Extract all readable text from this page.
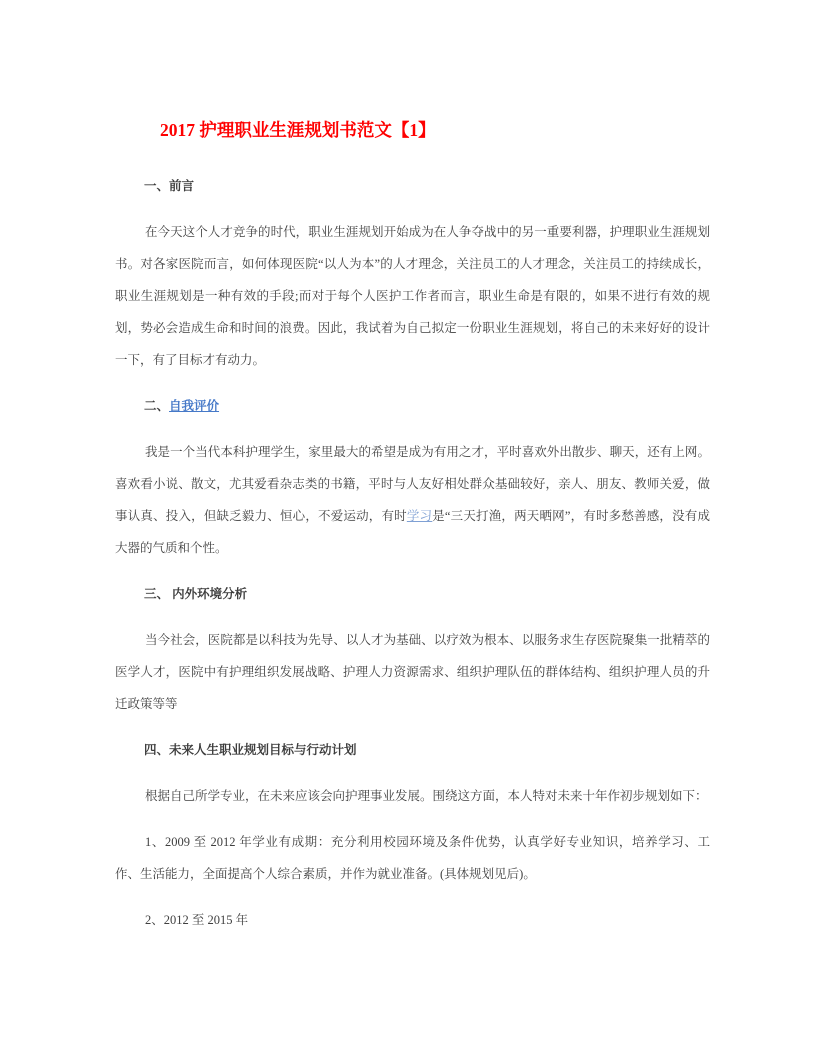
2017 护理职业生涯规划书范文【1】
一、前言

在今天这个人才竞争的时代，职业生涯规划开始成为在人争夺战中的另一重要利器，护理职业生涯规划书。对各家医院而言，如何体现医院“以人为本”的人才理念，关注员工的人才理念，关注员工的持续成长，职业生涯规划是一种有效的手段;而对于每个人医护工作者而言，职业生命是有限的，如果不进行有效的规划，势必会造成生命和时间的浪费。因此，我试着为自己拟定一份职业生涯规划，将自己的未来好好的设计一下，有了目标才有动力。

二、自我评价

我是一个当代本科护理学生，家里最大的希望是成为有用之才，平时喜欢外出散步、聊天，还有上网。喜欢看小说、散文，尤其爱看杂志类的书籍，平时与人友好相处群众基础较好，亲人、朋友、教师关爱，做事认真、投入，但缺乏毅力、恒心，不爱运动，有时学习是“三天打渔，两天晒网”，有时多愁善感，没有成大器的气质和个性。

三、 内外环境分析

当今社会，医院都是以科技为先导、以人才为基础、以疗效为根本、以服务求生存医院聚集一批精萃的医学人才，医院中有护理组织发展战略、护理人力资源需求、组织护理队伍的群体结构、组织护理人员的升迁政策等等

四、未来人生职业规划目标与行动计划

根据自己所学专业，在未来应该会向护理事业发展。围绕这方面，本人特对未来十年作初步规划如下：

1、2009 至 2012 年学业有成期：充分利用校园环境及条件优势，认真学好专业知识，培养学习、工作、生活能力，全面提高个人综合素质，并作为就业准备。(具体规划见后)。

2、2012 至 2015 年
